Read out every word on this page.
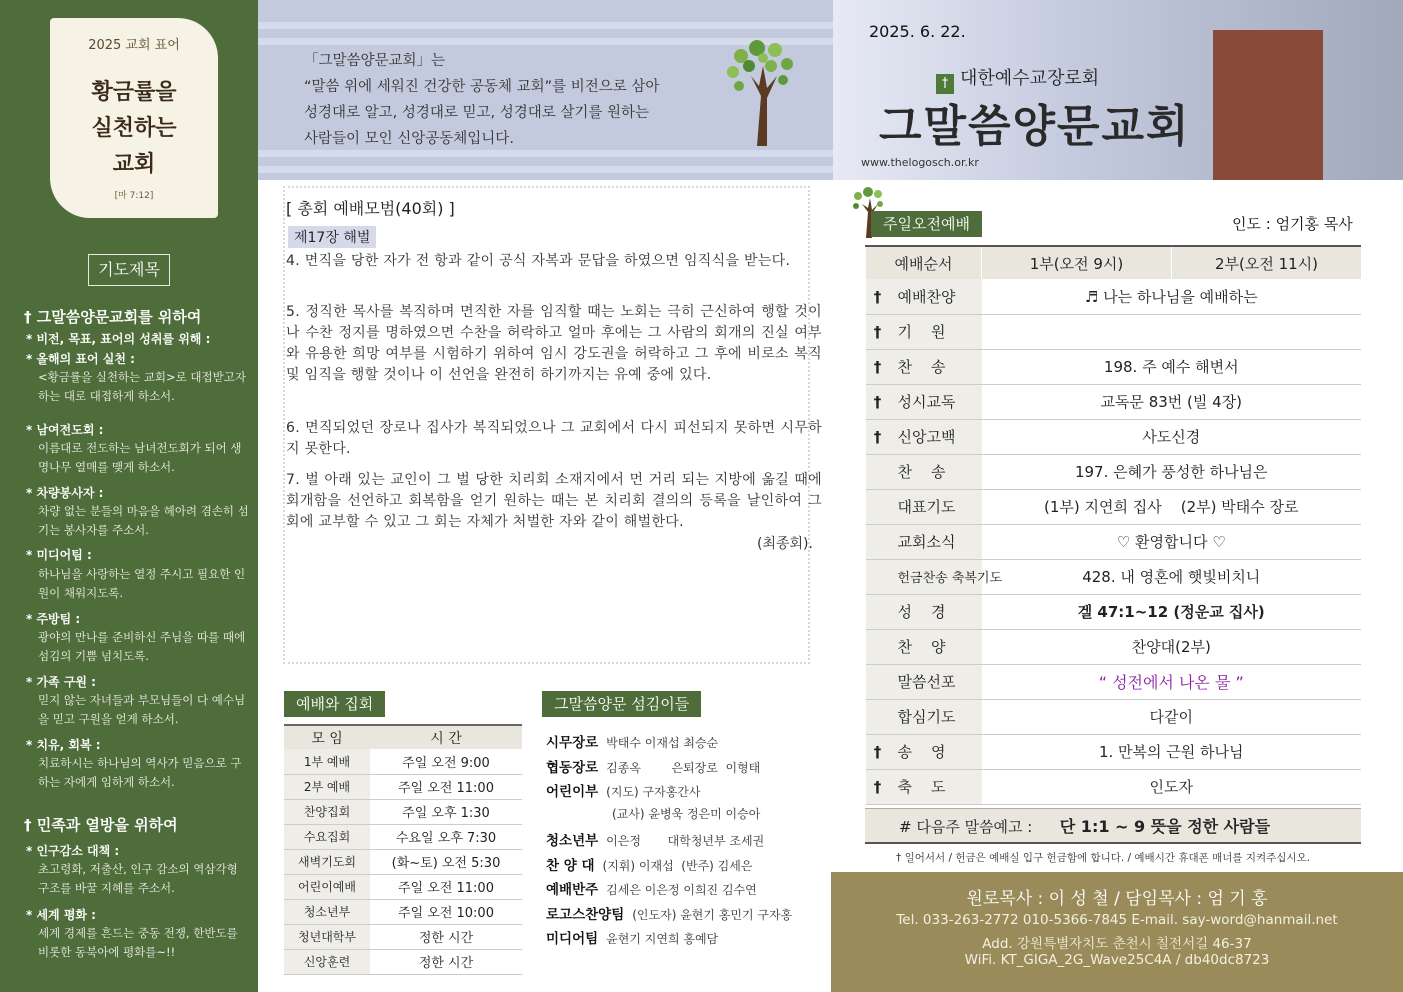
2025 교회 표어
황금률을
실천하는
교회
[마 7:12]
기도제목
† 그말씀양문교회를 위하여
* 비전, 목표, 표어의 성취를 위해 :
* 올해의 표어 실천 :
<황금률을 실천하는 교회>로 대접받고자 하는 대로 대접하게 하소서.
* 남여전도회 :
이름대로 전도하는 남녀전도회가 되어 생명나무 열매를 맺게 하소서.
* 차량봉사자 :
차량 없는 분들의 마음을 헤아려 겸손히 섬기는 봉사자를 주소서.
* 미디어팀 :
하나님을 사랑하는 열정 주시고 필요한 인원이 채워지도록.
* 주방팀 :
광야의 만나를 준비하신 주님을 따를 때에 섬김의 기쁨 넘치도록.
* 가족 구원 :
믿지 않는 자녀들과 부모님들이 다 예수님을 믿고 구원을 얻게 하소서.
* 치유, 회복 :
치료하시는 하나님의 역사가 믿음으로 구하는 자에게 임하게 하소서.
† 민족과 열방을 위하여
* 인구감소 대책 :
초고령화, 저출산, 인구 감소의 역삼각형 구조를 바꿀 지혜를 주소서.
* 세계 평화 :
세계 경제를 흔드는 중동 전쟁, 한반도를 비롯한 동북아에 평화를~!!
「그말씀양문교회」는
“말씀 위에 세워진 건강한 공동체 교회”를 비전으로 삼아
성경대로 알고, 성경대로 믿고, 성경대로 살기를 원하는
사람들이 모인 신앙공동체입니다.
2025. 6. 22.
† 대한예수교장로회
그말씀양문교회
www.thelogosch.or.kr
[ 총회 예배모범(40회) ]
제17장 해벌
4. 면직을 당한 자가 전 항과 같이 공식 자복과 문답을 하였으면 임직식을 받는다.
5. 정직한 목사를 복직하며 면직한 자를 임직할 때는 노회는 극히 근신하여 행할 것이나 수찬 정지를 명하였으면 수찬을 허락하고 얼마 후에는 그 사람의 회개의 진실 여부와 유용한 희망 여부를 시험하기 위하여 임시 강도권을 허락하고 그 후에 비로소 복직 및 임직을 행할 것이나 이 선언을 완전히 하기까지는 유예 중에 있다.
6. 면직되었던 장로나 집사가 복직되었으나 그 교회에서 다시 피선되지 못하면 시무하지 못한다.
7. 벌 아래 있는 교인이 그 벌 당한 치리회 소재지에서 먼 거리 되는 지방에 옮길 때에 회개함을 선언하고 회복함을 얻기 원하는 때는 본 치리회 결의의 등록을 날인하여 그 회에 교부할 수 있고 그 회는 자체가 처벌한 자와 같이 해벌한다.
(최종회).
예배와 집회
모 임	시 간
1부 예배	주일 오전 9:00
2부 예배	주일 오전 11:00
찬양집회	주일 오후 1:30
수요집회	수요일 오후 7:30
새벽기도회	(화~토) 오전 5:30
어린이예배	주일 오전 11:00
청소년부	주일 오전 10:00
청년대학부	정한 시간
신앙훈련	정한 시간
그말씀양문 섬김이들
시무장로 박태수 이재섭 최승순
협동장로 김종옥        은퇴장로  이형태
어린이부 (지도) 구자홍간사
(교사) 윤병욱 정은미 이승아
청소년부 이은정       대학청년부 조세권
찬 양 대 (지휘) 이재섭  (반주) 김세은
예배반주 김세은 이은정 이희진 김수연
로고스찬양팀 (인도자) 윤현기 홍민기 구자홍
미디어팀 윤현기 지연희 홍예담
주일오전예배	인도 : 엄기홍 목사
예배순서	1부(오전 9시)	2부(오전 11시)
† 예배찬양	♬ 나는 하나님을 예배하는	
† 기    원		
† 찬    송	198. 주 예수 해변서	
† 성시교독	교독문 83번 (빌 4장)	
† 신앙고백	사도신경	
찬    송	197. 은혜가 풍성한 하나님은	
대표기도	(1부) 지연희 집사    (2부) 박태수 장로	
교회소식	♡ 환영합니다 ♡	
헌금찬송 축복기도	428. 내 영혼에 햇빛비치니	
성    경	겔 47:1~12 (정운교 집사)	
찬    양	찬양대(2부)	
말씀선포	“ 성전에서 나온 물 ”	
합심기도	다같이	
† 송    영	1. 만복의 근원 하나님	
† 축    도	인도자	
# 다음주 말씀예고 : 단 1:1 ~ 9 뜻을 정한 사람들
† 일어서서 / 헌금은 예배실 입구 헌금함에 합니다. / 예배시간 휴대폰 매너를 지켜주십시오.
원로목사 : 이 성 철 / 담임목사 : 엄 기 홍
Tel. 033-263-2772 010-5366-7845 E-mail. say-word@hanmail.net
Add. 강원특별자치도 춘천시 칠전서길 46-37
WiFi. KT_GIGA_2G_Wave25C4A / db40dc8723
